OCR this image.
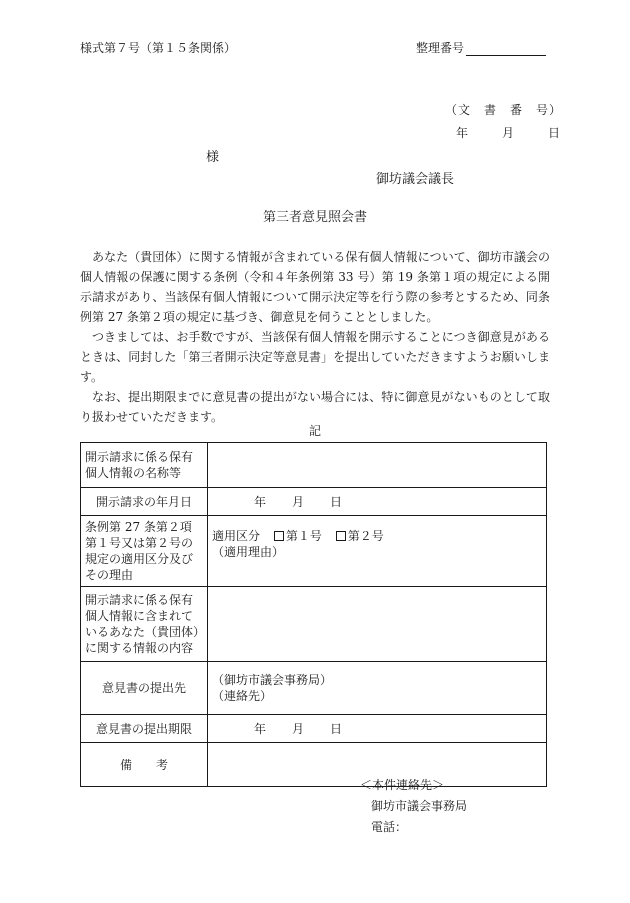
様式第７号（第１５条関係）	整理番号
（文　書　番　号）
年	月	日
様
御坊議会議長
第三者意見照会書

あなた（貴団体）に関する情報が含まれている保有個人情報について、御坊市議会の個人情報の保護に関する条例（令和４年条例第 33 号）第 19 条第１項の規定による開示請求があり、当該保有個人情報について開示決定等を行う際の参考とするため、同条例第 27 条第２項の規定に基づき、御意見を伺うこととしました。

つきましては、お手数ですが、当該保有個人情報を開示することにつき御意見があるときは、同封した「第三者開示決定等意見書」を提出していただきますようお願いします。

なお、提出期限までに意見書の提出がない場合には、特に御意見がないものとして取り扱わせていただきます。

記
開示請求に係る保有個人情報の名称等	
開示請求の年月日	年 月 日
条例第 27 条第２項第１号又は第２号の規定の適用区分及びその理由	適用区分 第１号 第２号
（適用理由）

開示請求に係る保有個人情報に含まれているあなた（貴団体）に関する情報の内容	
意見書の提出先	（御坊市議会事務局）
（連絡先）

意見書の提出期限	年 月 日
備　　考	
＜本件連絡先＞
御坊市議会事務局
電話：
